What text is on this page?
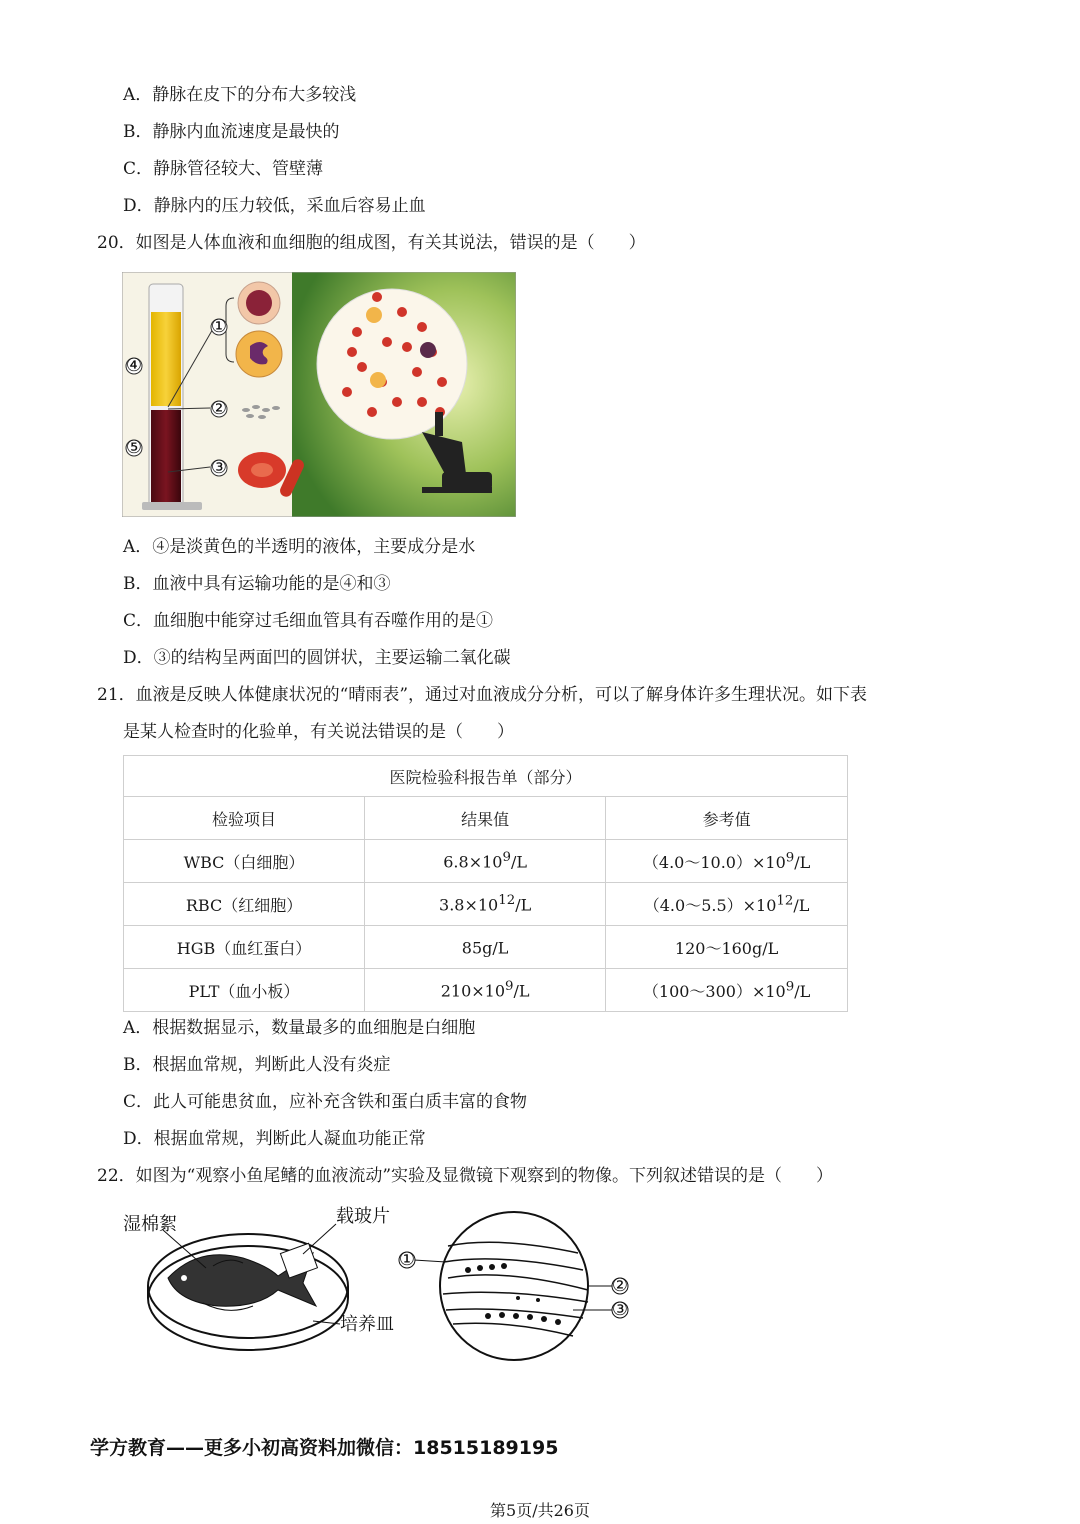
A．静脉在皮下的分布大多较浅
B．静脉内血流速度是最快的
C．静脉管径较大、管壁薄
D．静脉内的压力较低，采血后容易止血
20．如图是人体血液和血细胞的组成图，有关其说法，错误的是（　　）
①
②
③
④
⑤
A．④是淡黄色的半透明的液体，主要成分是水
B．血液中具有运输功能的是④和③
C．血细胞中能穿过毛细血管具有吞噬作用的是①
D．③的结构呈两面凹的圆饼状，主要运输二氧化碳
21．血液是反映人体健康状况的“晴雨表”，通过对血液成分分析，可以了解身体许多生理状况。如下表
是某人检查时的化验单，有关说法错误的是（　　）
医院检验科报告单（部分）		
检验项目	结果值	参考值
WBC（白细胞）	$6.8\times 10^9/L$	$(4.0\sim 10.0)\times 10^9/L$
RBC（红细胞）	$3.8\times 10^{12}/L$	$(4.0\sim 5.5)\times 10^{12}/L$
HGB（血红蛋白）	85g/L	120～160g/L
PLT（血小板）	$210\times 10^9/L$	$(100\sim 300)\times 10^9/L$
A．根据数据显示，数量最多的血细胞是白细胞
B．根据血常规，判断此人没有炎症
C．此人可能患贫血，应补充含铁和蛋白质丰富的食物
D．根据血常规，判断此人凝血功能正常
22．如图为“观察小鱼尾鳍的血液流动”实验及显微镜下观察到的物像。下列叙述错误的是（　　）
湿棉絮	载玻片
培养皿
①
②
③
学方教育——更多小初高资料加微信：18515189195
第5页/共26页
